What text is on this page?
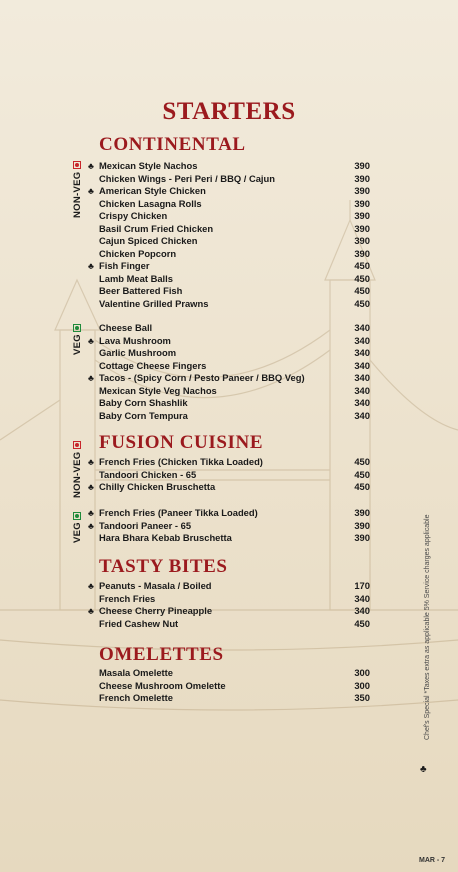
STARTERS
CONTINENTAL
NON-VEG
VEG
♣ Mexican Style Nachos	390
Chicken Wings - Peri Peri / BBQ / Cajun	390
♣ American Style Chicken	390
Chicken Lasagna Rolls	390
Crispy Chicken	390
Basil Crum Fried Chicken	390
Cajun Spiced Chicken	390
Chicken Popcorn	390
♣ Fish Finger	450
Lamb Meat Balls	450
Beer Battered Fish	450
Valentine Grilled Prawns	450
Cheese Ball	340
♣ Lava Mushroom	340
Garlic Mushroom	340
Cottage Cheese Fingers	340
♣ Tacos - (Spicy Corn / Pesto Paneer / BBQ Veg)	340
Mexican Style Veg Nachos	340
Baby Corn Shashlik	340
Baby Corn Tempura	340
FUSION CUISINE
NON-VEG
VEG
♣ French Fries (Chicken Tikka Loaded)	450
Tandoori Chicken - 65	450
♣ Chilly Chicken Bruschetta	450
♣ French Fries (Paneer Tikka Loaded)	390
♣ Tandoori Paneer - 65	390
Hara Bhara Kebab Bruschetta	390
TASTY BITES
♣ Peanuts - Masala / Boiled	170
French Fries	340
♣ Cheese Cherry Pineapple	340
Fried Cashew Nut	450
OMELETTES
Masala Omelette	300
Cheese Mushroom Omelette	300
French Omelette	350	Chef's Special *Taxes extra as applicable 5% Service charges applicable
♣
MAR - 7
